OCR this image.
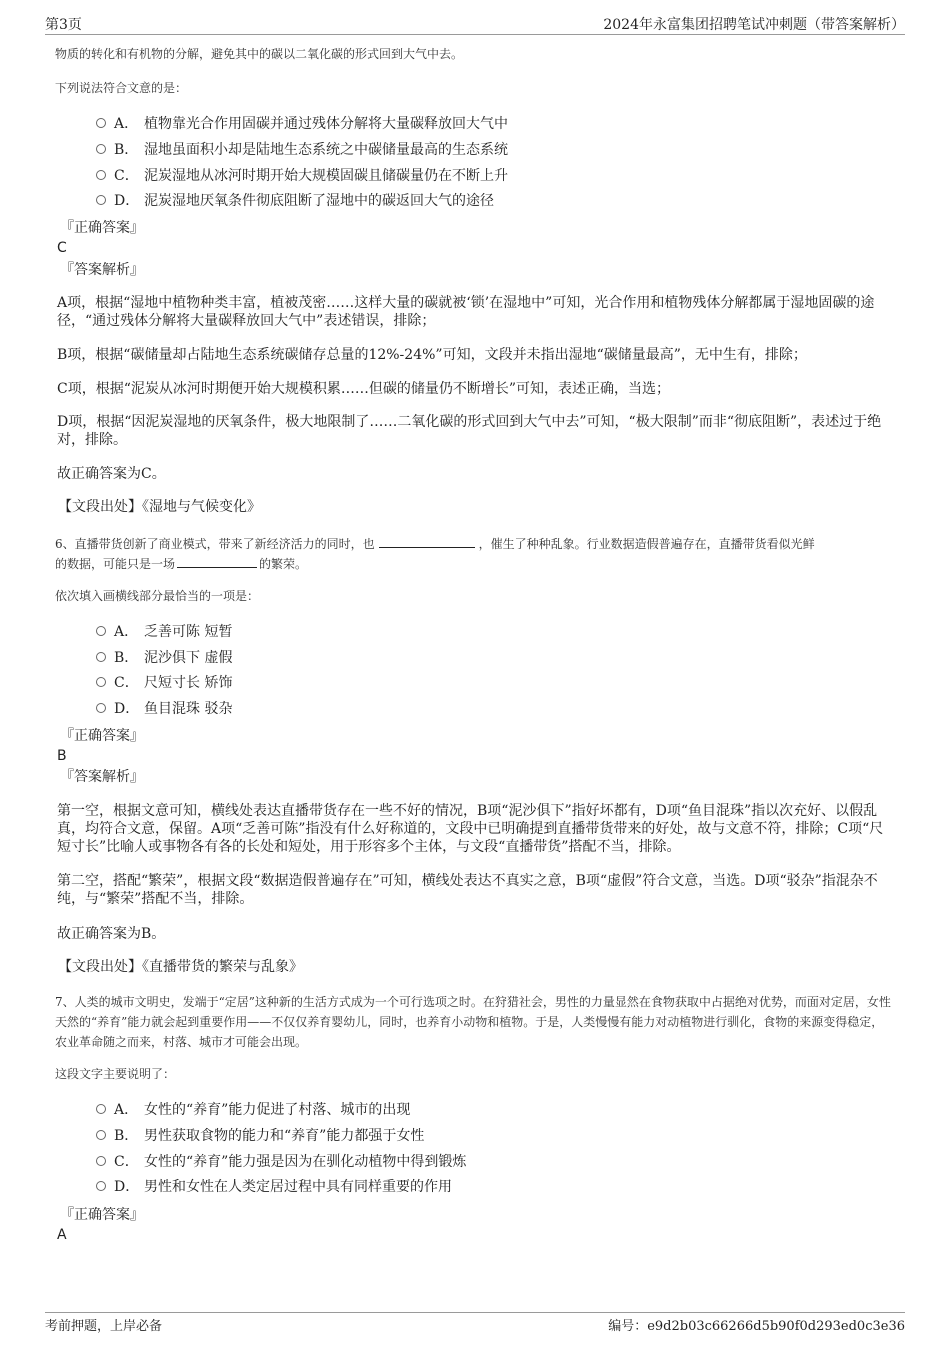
第3页	2024年永富集团招聘笔试冲刺题（带答案解析）
物质的转化和有机物的分解，避免其中的碳以二氧化碳的形式回到大气中去。
下列说法符合文意的是：
A． 植物靠光合作用固碳并通过残体分解将大量碳释放回大气中
B． 湿地虽面积小却是陆地生态系统之中碳储量最高的生态系统
C． 泥炭湿地从冰河时期开始大规模固碳且储碳量仍在不断上升
D． 泥炭湿地厌氧条件彻底阻断了湿地中的碳返回大气的途径
『正确答案』
C
『答案解析』
A项，根据“湿地中植物种类丰富，植被茂密……这样大量的碳就被‘锁’在湿地中”可知，光合作用和植物残体分解都属于湿地固碳的途径，“通过残体分解将大量碳释放回大气中”表述错误，排除；
B项，根据“碳储量却占陆地生态系统碳储存总量的12%-24%”可知，文段并未指出湿地“碳储量最高”，无中生有，排除；
C项，根据“泥炭从冰河时期便开始大规模积累……但碳的储量仍不断增长”可知，表述正确，当选；
D项，根据“因泥炭湿地的厌氧条件，极大地限制了……二氧化碳的形式回到大气中去”可知，“极大限制”而非“彻底阻断”，表述过于绝对，排除。
故正确答案为C。
【文段出处】《湿地与气候变化》
6、直播带货创新了商业模式，带来了新经济活力的同时，也	，催生了种种乱象。行业数据造假普遍存在，直播带货看似光鲜
的数据，可能只是一场	的繁荣。
依次填入画横线部分最恰当的一项是：
A． 乏善可陈 短暂
B． 泥沙俱下 虚假
C． 尺短寸长 矫饰
D． 鱼目混珠 驳杂
『正确答案』
B
『答案解析』
第一空，根据文意可知，横线处表达直播带货存在一些不好的情况，B项“泥沙俱下”指好坏都有，D项“鱼目混珠”指以次充好、以假乱真，均符合文意，保留。A项“乏善可陈”指没有什么好称道的，文段中已明确提到直播带货带来的好处，故与文意不符，排除；C项“尺短寸长”比喻人或事物各有各的长处和短处，用于形容多个主体，与文段“直播带货”搭配不当，排除。
第二空，搭配“繁荣”，根据文段“数据造假普遍存在”可知，横线处表达不真实之意，B项“虚假”符合文意，当选。D项“驳杂”指混杂不纯，与“繁荣”搭配不当，排除。
故正确答案为B。
【文段出处】《直播带货的繁荣与乱象》
7、人类的城市文明史，发端于“定居”这种新的生活方式成为一个可行选项之时。在狩猎社会，男性的力量显然在食物获取中占据绝对优势，而面对定居，女性天然的“养育”能力就会起到重要作用——不仅仅养育婴幼儿，同时，也养育小动物和植物。于是，人类慢慢有能力对动植物进行驯化，食物的来源变得稳定，农业革命随之而来，村落、城市才可能会出现。
这段文字主要说明了：
A． 女性的“养育”能力促进了村落、城市的出现
B． 男性获取食物的能力和“养育”能力都强于女性
C． 女性的“养育”能力强是因为在驯化动植物中得到锻炼
D． 男性和女性在人类定居过程中具有同样重要的作用
『正确答案』
A
考前押题，上岸必备	编号：e9d2b03c66266d5b90f0d293ed0c3e36
